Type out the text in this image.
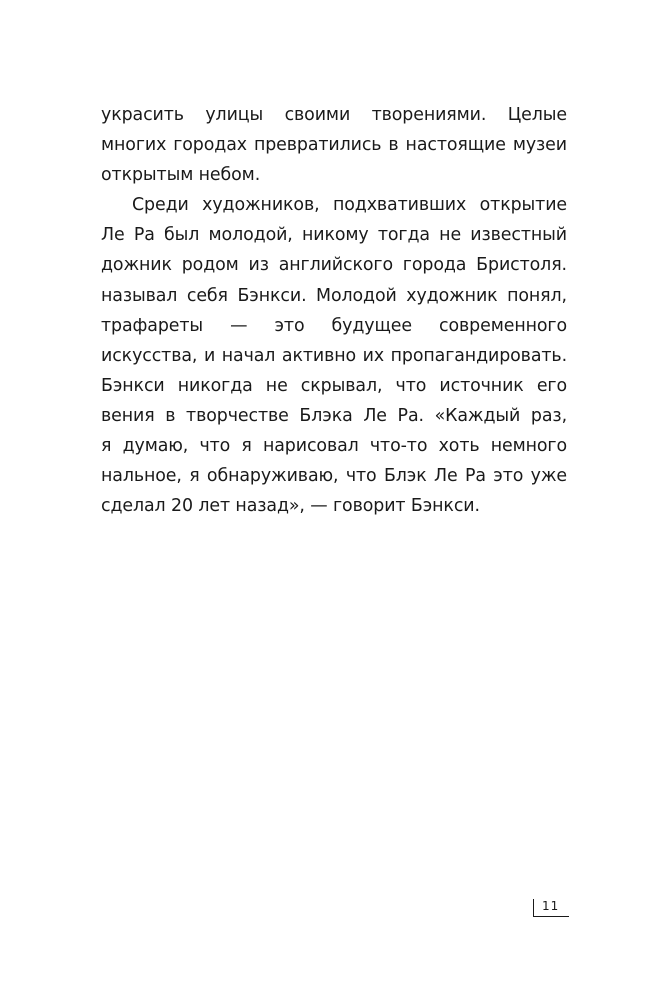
украсить улицы своими творениями. Целые
многих городах превратились в настоящие музеи
открытым небом.
Среди художников, подхвативших открытие
Ле Ра был молодой, никому тогда не известный
дожник родом из английского города Бристоля.
называл себя Бэнкси. Молодой художник понял,
трафареты — это будущее современного
искусства, и начал активно их пропагандировать.
Бэнкси никогда не скрывал, что источник его
вения в творчестве Блэка Ле Ра. «Каждый раз,
я думаю, что я нарисовал что-то хоть немного
нальное, я обнаруживаю, что Блэк Ле Ра это уже
сделал 20 лет назад», — говорит Бэнкси.
11
